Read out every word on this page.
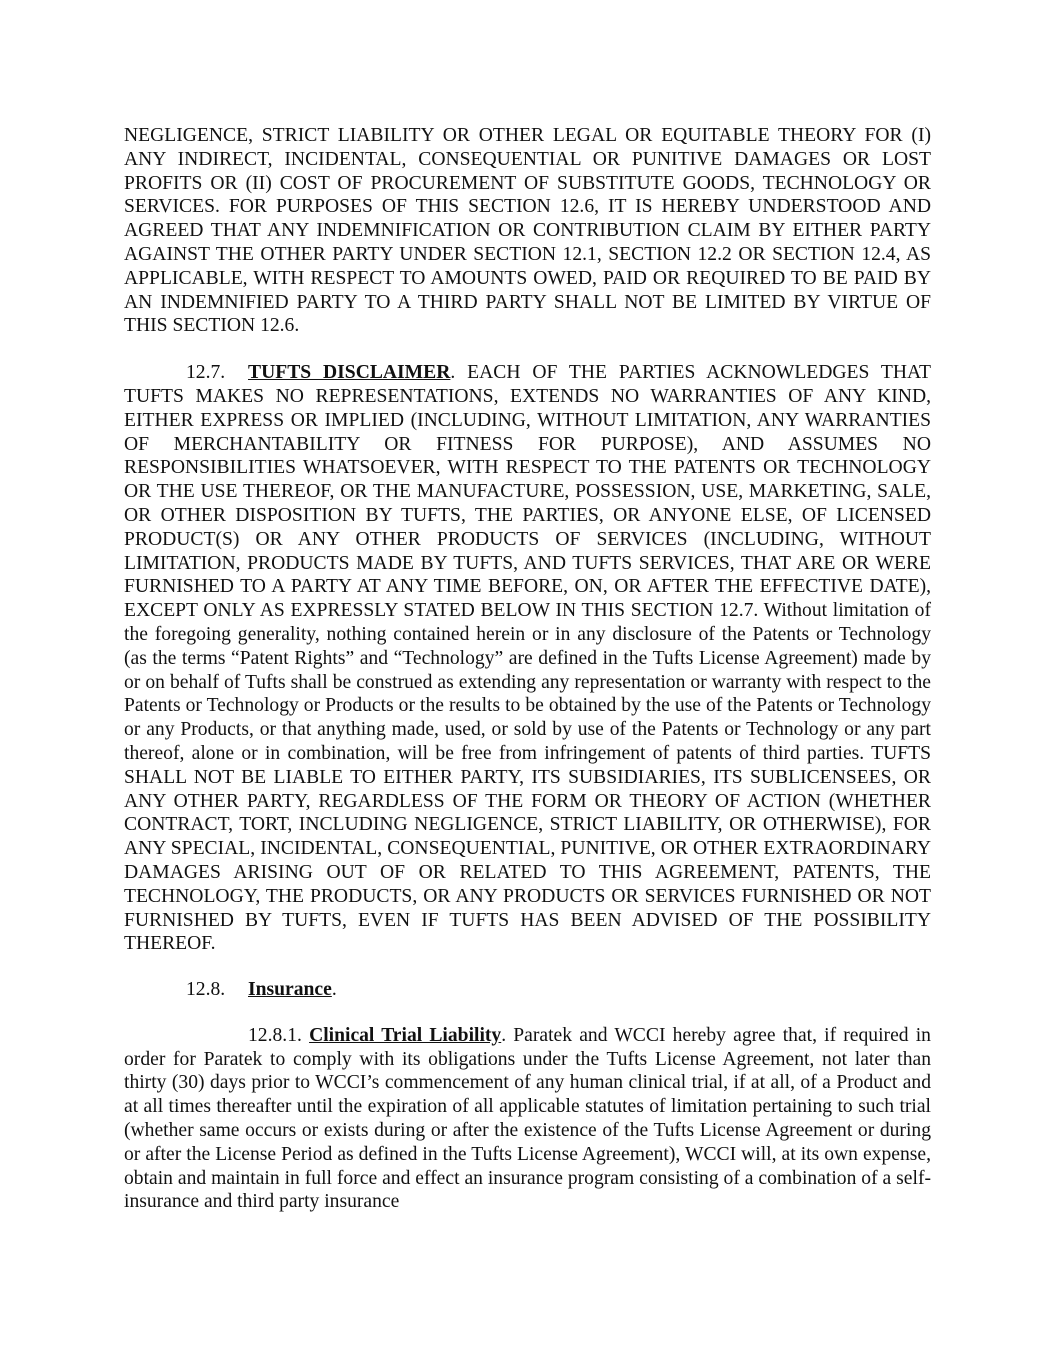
NEGLIGENCE, STRICT LIABILITY OR OTHER LEGAL OR EQUITABLE THEORY FOR (I) ANY INDIRECT, INCIDENTAL, CONSEQUENTIAL OR PUNITIVE DAMAGES OR LOST PROFITS OR (II) COST OF PROCUREMENT OF SUBSTITUTE GOODS, TECHNOLOGY OR SERVICES. FOR PURPOSES OF THIS SECTION 12.6, IT IS HEREBY UNDERSTOOD AND AGREED THAT ANY INDEMNIFICATION OR CONTRIBUTION CLAIM BY EITHER PARTY AGAINST THE OTHER PARTY UNDER SECTION 12.1, SECTION 12.2 OR SECTION 12.4, AS APPLICABLE, WITH RESPECT TO AMOUNTS OWED, PAID OR REQUIRED TO BE PAID BY AN INDEMNIFIED PARTY TO A THIRD PARTY SHALL NOT BE LIMITED BY VIRTUE OF THIS SECTION 12.6.

12.7. TUFTS DISCLAIMER. EACH OF THE PARTIES ACKNOWLEDGES THAT TUFTS MAKES NO REPRESENTATIONS, EXTENDS NO WARRANTIES OF ANY KIND, EITHER EXPRESS OR IMPLIED (INCLUDING, WITHOUT LIMITATION, ANY WARRANTIES OF MERCHANTABILITY OR FITNESS FOR PURPOSE), AND ASSUMES NO RESPONSIBILITIES WHATSOEVER, WITH RESPECT TO THE PATENTS OR TECHNOLOGY OR THE USE THEREOF, OR THE MANUFACTURE, POSSESSION, USE, MARKETING, SALE, OR OTHER DISPOSITION BY TUFTS, THE PARTIES, OR ANYONE ELSE, OF LICENSED PRODUCT(S) OR ANY OTHER PRODUCTS OF SERVICES (INCLUDING, WITHOUT LIMITATION, PRODUCTS MADE BY TUFTS, AND TUFTS SERVICES, THAT ARE OR WERE FURNISHED TO A PARTY AT ANY TIME BEFORE, ON, OR AFTER THE EFFECTIVE DATE), EXCEPT ONLY AS EXPRESSLY STATED BELOW IN THIS SECTION 12.7. Without limitation of the foregoing generality, nothing contained herein or in any disclosure of the Patents or Technology (as the terms “Patent Rights” and “Technology” are defined in the Tufts License Agreement) made by or on behalf of Tufts shall be construed as extending any representation or warranty with respect to the Patents or Technology or Products or the results to be obtained by the use of the Patents or Technology or any Products, or that anything made, used, or sold by use of the Patents or Technology or any part thereof, alone or in combination, will be free from infringement of patents of third parties. TUFTS SHALL NOT BE LIABLE TO EITHER PARTY, ITS SUBSIDIARIES, ITS SUBLICENSEES, OR ANY OTHER PARTY, REGARDLESS OF THE FORM OR THEORY OF ACTION (WHETHER CONTRACT, TORT, INCLUDING NEGLIGENCE, STRICT LIABILITY, OR OTHERWISE), FOR ANY SPECIAL, INCIDENTAL, CONSEQUENTIAL, PUNITIVE, OR OTHER EXTRAORDINARY DAMAGES ARISING OUT OF OR RELATED TO THIS AGREEMENT, PATENTS, THE TECHNOLOGY, THE PRODUCTS, OR ANY PRODUCTS OR SERVICES FURNISHED OR NOT FURNISHED BY TUFTS, EVEN IF TUFTS HAS BEEN ADVISED OF THE POSSIBILITY THEREOF.

12.8. Insurance.

12.8.1. Clinical Trial Liability. Paratek and WCCI hereby agree that, if required in order for Paratek to comply with its obligations under the Tufts License Agreement, not later than thirty (30) days prior to WCCI’s commencement of any human clinical trial, if at all, of a Product and at all times thereafter until the expiration of all applicable statutes of limitation pertaining to such trial (whether same occurs or exists during or after the existence of the Tufts License Agreement or during or after the License Period as defined in the Tufts License Agreement), WCCI will, at its own expense, obtain and maintain in full force and effect an insurance program consisting of a combination of a self-insurance and third party insurance
